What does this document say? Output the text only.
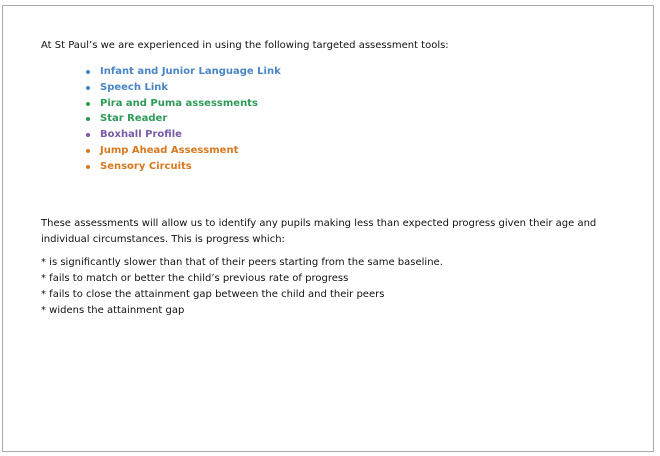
At St Paul’s we are experienced in using the following targeted assessment tools:
Infant and Junior Language Link
Speech Link
Pira and Puma assessments
Star Reader
Boxhall Profile
Jump Ahead Assessment
Sensory Circuits

These assessments will allow us to identify any pupils making less than expected progress given their age and individual circumstances. This is progress which:

* is significantly slower than that of their peers starting from the same baseline.
* fails to match or better the child’s previous rate of progress
* fails to close the attainment gap between the child and their peers
* widens the attainment gap
